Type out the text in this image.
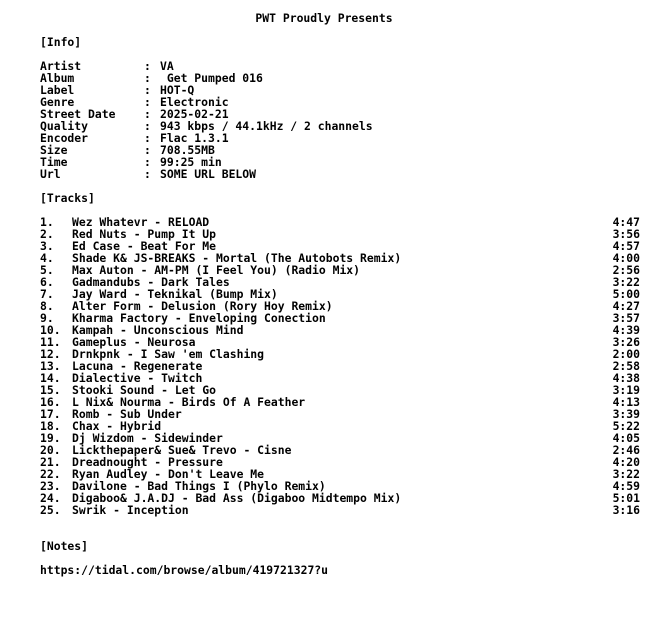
PWT Proudly Presents
[Info]
Artist	: VA
Album	: Get Pumped 016
Label	: HOT-Q
Genre	: Electronic
Street Date	: 2025-02-21
Quality	: 943 kbps / 44.1kHz / 2 channels
Encoder	: Flac 1.3.1
Size	: 708.55MB
Time	: 99:25 min
Url	: SOME URL BELOW
[Tracks]
1. Wez Whatevr - RELOAD	4:47
2. Red Nuts - Pump It Up	3:56
3. Ed Case - Beat For Me	4:57
4. Shade K& JS-BREAKS - Mortal (The Autobots Remix)	4:00
5. Max Auton - AM-PM (I Feel You) (Radio Mix)	2:56
6. Gadmandubs - Dark Tales	3:22
7. Jay Ward - Teknikal (Bump Mix)	5:00
8. Alter Form - Delusion (Rory Hoy Remix)	4:27
9. Kharma Factory - Enveloping Conection	3:57
10. Kampah - Unconscious Mind	4:39
11. Gameplus - Neurosa	3:26
12. Drnkpnk - I Saw 'em Clashing	2:00
13. Lacuna - Regenerate	2:58
14. Dialective - Twitch	4:38
15. Stooki Sound - Let Go	3:19
16. L Nix& Nourma - Birds Of A Feather	4:13
17. Romb - Sub Under	3:39
18. Chax - Hybrid	5:22
19. Dj Wizdom - Sidewinder	4:05
20. Lickthepaper& Sue& Trevo - Cisne	2:46
21. Dreadnought - Pressure	4:20
22. Ryan Audley - Don't Leave Me	3:22
23. Davilone - Bad Things I (Phylo Remix)	4:59
24. Digaboo& J.A.DJ - Bad Ass (Digaboo Midtempo Mix)	5:01
25. Swrik - Inception	3:16
[Notes]
https://tidal.com/browse/album/419721327?u
